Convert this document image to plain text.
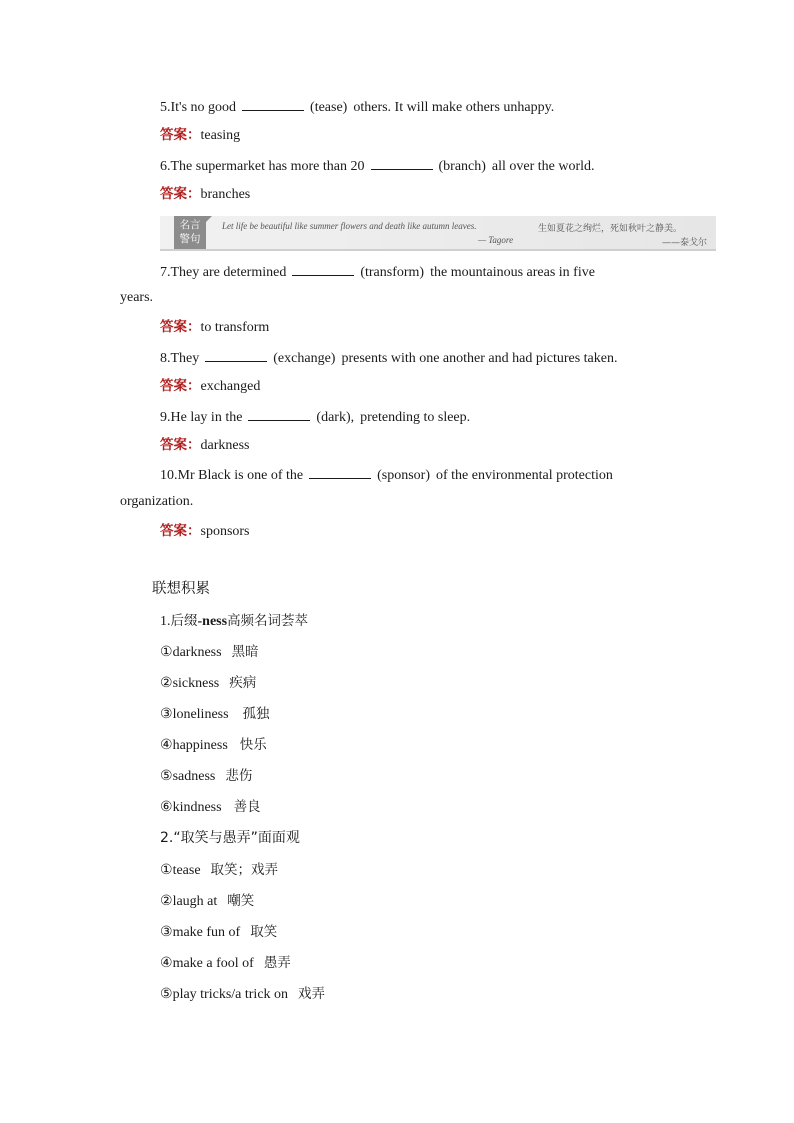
5.It's no good	(tease) others. It will make others unhappy.
答案：teasing
6.The supermarket has more than 20	(branch) all over the world.
答案：branches
名言
警句
Let life be beautiful like summer flowers and death like autumn leaves.
— Tagore
生如夏花之绚烂，死如秋叶之静美。
——泰戈尔
7.They are determined	(transform) the mountainous areas in five
years.
答案：to transform
8.They	(exchange) presents with one another and had pictures taken.
答案：exchanged
9.He lay in the	(dark), pretending to sleep.
答案：darkness
10.Mr Black is one of the	(sponsor) of the environmental protection
organization.
答案：sponsors
联想积累
1.后缀-ness高频名词荟萃
①darkness 黑暗
②sickness 疾病
③loneliness 孤独
④happiness 快乐
⑤sadness 悲伤
⑥kindness 善良
2.“取笑与愚弄”面面观
①tease 取笑；戏弄
②laugh at 嘲笑
③make fun of 取笑
④make a fool of 愚弄
⑤play tricks/a trick on 戏弄
